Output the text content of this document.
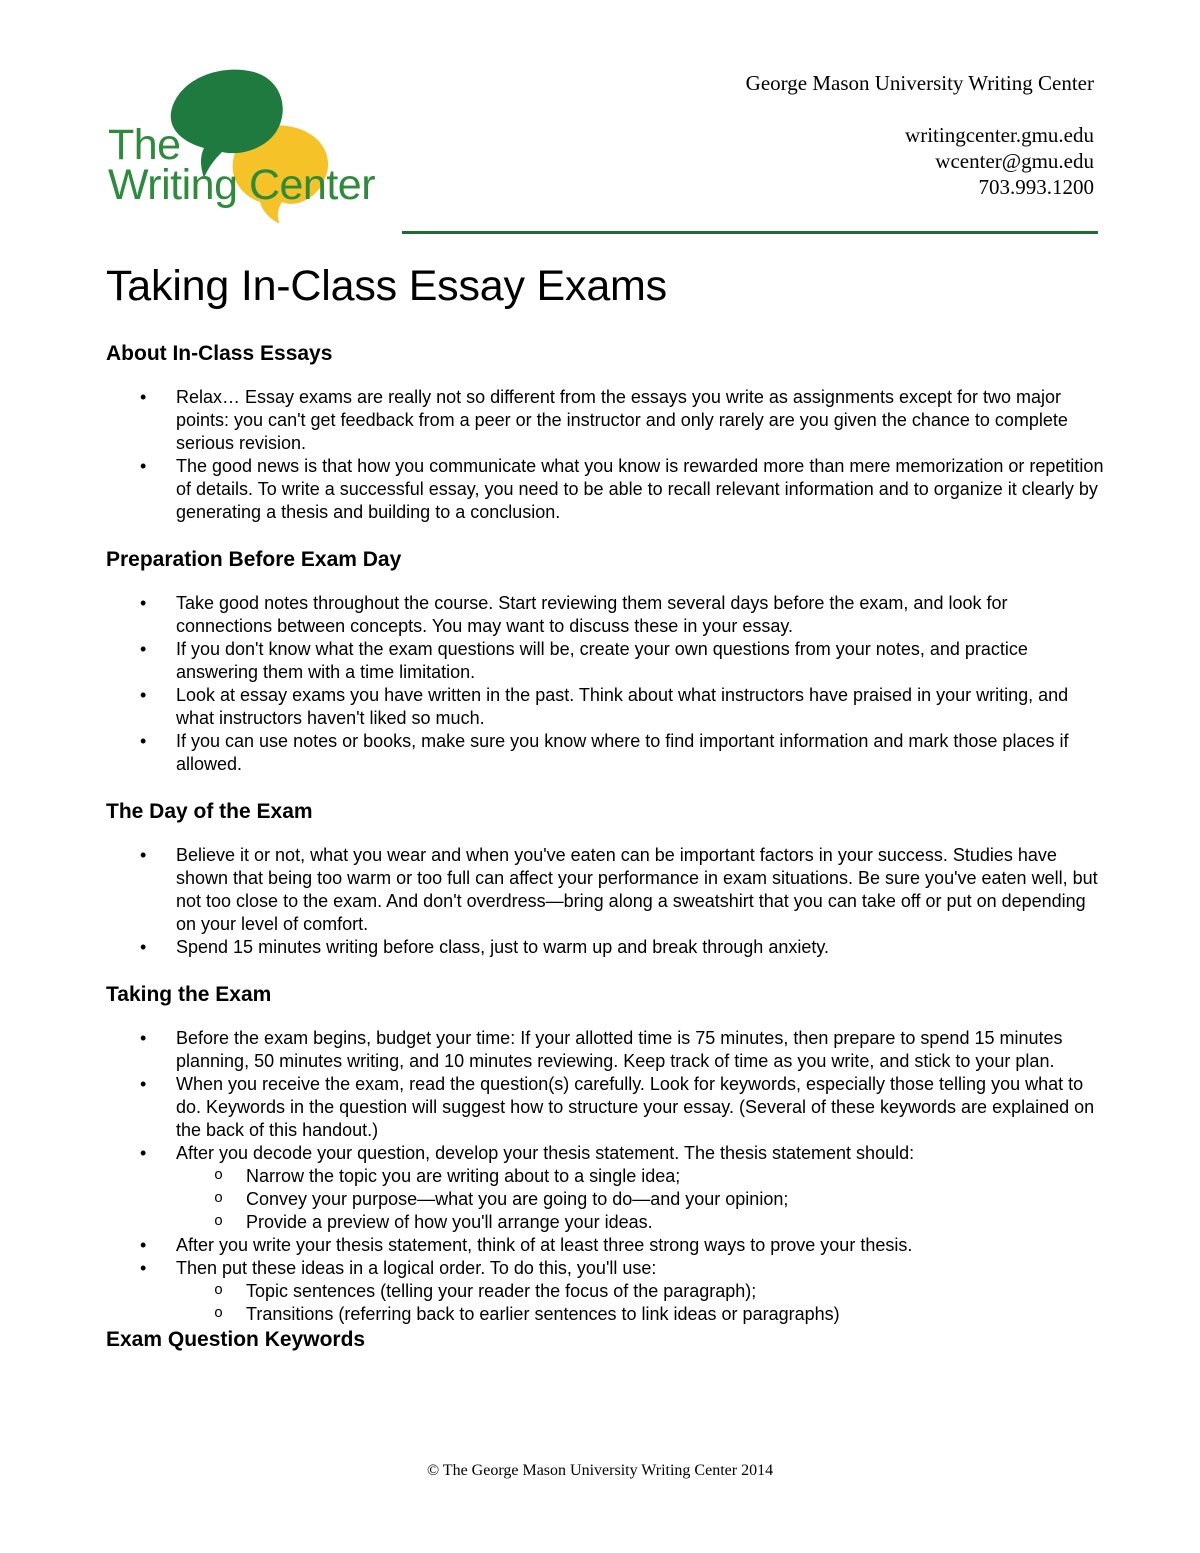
The
Writing Center
George Mason University Writing Center
writingcenter.gmu.edu
wcenter@gmu.edu
703.993.1200
Taking In-Class Essay Exams
About In-Class Essays
• Relax… Essay exams are really not so different from the essays you write as assignments except for two major points: you can't get feedback from a peer or the instructor and only rarely are you given the chance to complete serious revision.
• The good news is that how you communicate what you know is rewarded more than mere memorization or repetition of details. To write a successful essay, you need to be able to recall relevant information and to organize it clearly by generating a thesis and building to a conclusion.
Preparation Before Exam Day
• Take good notes throughout the course. Start reviewing them several days before the exam, and look for connections between concepts. You may want to discuss these in your essay.
• If you don't know what the exam questions will be, create your own questions from your notes, and practice answering them with a time limitation.
• Look at essay exams you have written in the past. Think about what instructors have praised in your writing, and what instructors haven't liked so much.
• If you can use notes or books, make sure you know where to find important information and mark those places if allowed.
The Day of the Exam
• Believe it or not, what you wear and when you've eaten can be important factors in your success. Studies have shown that being too warm or too full can affect your performance in exam situations. Be sure you've eaten well, but not too close to the exam. And don't overdress—bring along a sweatshirt that you can take off or put on depending on your level of comfort.
• Spend 15 minutes writing before class, just to warm up and break through anxiety.
Taking the Exam
• Before the exam begins, budget your time: If your allotted time is 75 minutes, then prepare to spend 15 minutes planning, 50 minutes writing, and 10 minutes reviewing. Keep track of time as you write, and stick to your plan.
• When you receive the exam, read the question(s) carefully. Look for keywords, especially those telling you what to do. Keywords in the question will suggest how to structure your essay. (Several of these keywords are explained on the back of this handout.)
• After you decode your question, develop your thesis statement. The thesis statement should:
o Narrow the topic you are writing about to a single idea;
o Convey your purpose—what you are going to do—and your opinion;
o Provide a preview of how you'll arrange your ideas.
• After you write your thesis statement, think of at least three strong ways to prove your thesis.
• Then put these ideas in a logical order. To do this, you'll use:
o Topic sentences (telling your reader the focus of the paragraph);
o Transitions (referring back to earlier sentences to link ideas or paragraphs)
Exam Question Keywords
© The George Mason University Writing Center 2014
